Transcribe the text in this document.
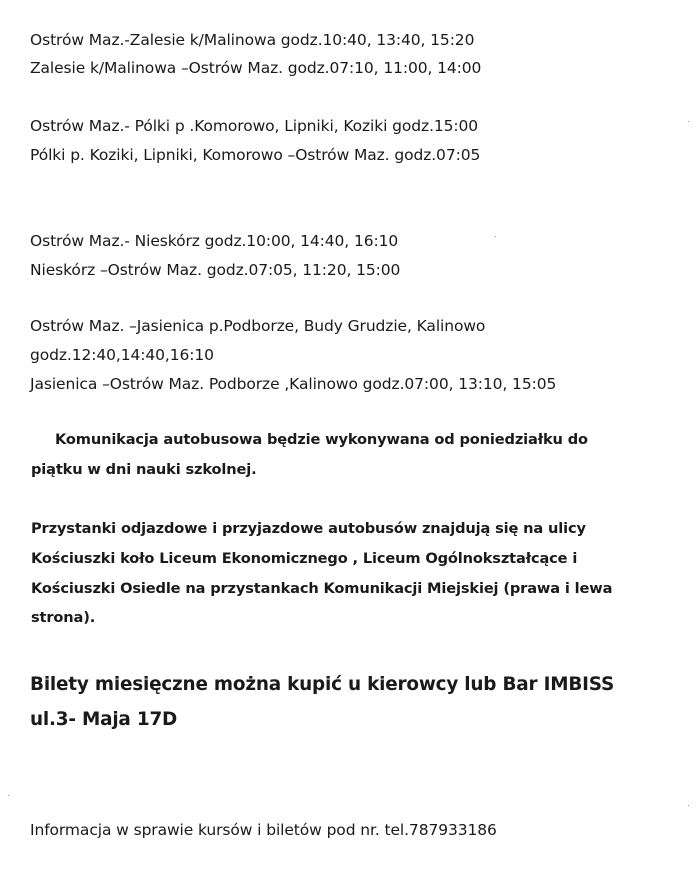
Ostrów Maz.-Zalesie k/Malinowa godz.10:40, 13:40, 15:20
Zalesie k/Malinowa –Ostrów Maz. godz.07:10, 11:00, 14:00
Ostrów Maz.- Pólki p .Komorowo, Lipniki, Koziki godz.15:00
Pólki p. Koziki, Lipniki, Komorowo –Ostrów Maz. godz.07:05
Ostrów Maz.- Nieskórz godz.10:00, 14:40, 16:10
Nieskórz –Ostrów Maz. godz.07:05, 11:20, 15:00
Ostrów Maz. –Jasienica p.Podborze, Budy Grudzie, Kalinowo
godz.12:40,14:40,16:10
Jasienica –Ostrów Maz. Podborze ,Kalinowo godz.07:00, 13:10, 15:05
Komunikacja autobusowa będzie wykonywana od poniedziałku do
piątku w dni nauki szkolnej.
Przystanki odjazdowe i przyjazdowe autobusów znajdują się na ulicy
Kościuszki koło Liceum Ekonomicznego , Liceum Ogólnokształcące i
Kościuszki Osiedle na przystankach Komunikacji Miejskiej (prawa i lewa
strona).
Bilety miesięczne można kupić u kierowcy lub Bar IMBISS
ul.3- Maja 17D
Informacja w sprawie kursów i biletów pod nr. tel.787933186
